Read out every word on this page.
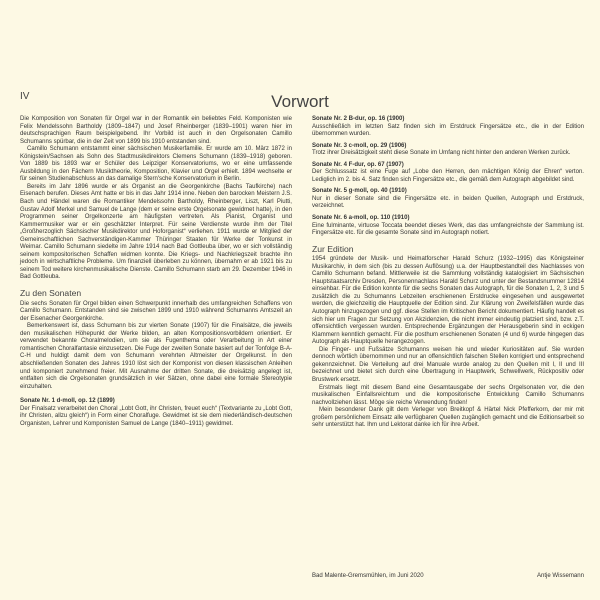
IV	Vorwort

Die Komposition von Sonaten für Orgel war in der Romantik ein beliebtes Feld. Komponisten wie Felix Mendelssohn Bartholdy (1809–1847) und Josef Rheinberger (1839–1901) waren hier im deutschsprachigen Raum beispielgebend. Ihr Vorbild ist auch in den Orgelsonaten Camillo Schumanns spürbar, die in der Zeit von 1899 bis 1910 entstanden sind.

Camillo Schumann entstammt einer sächsischen Musikerfamilie. Er wurde am 10. März 1872 in Königstein/Sachsen als Sohn des Stadtmusikdirektors Clemens Schumann (1839–1918) geboren. Von 1889 bis 1893 war er Schüler des Leipziger Konservatoriums, wo er eine umfassende Ausbildung in den Fächern Musiktheorie, Komposition, Klavier und Orgel erhielt. 1894 wechselte er für seinen Studienabschluss an das damalige Stern'sche Konservatorium in Berlin.

Bereits im Jahr 1896 wurde er als Organist an die Georgenkirche (Bachs Taufkirche) nach Eisenach berufen. Dieses Amt hatte er bis in das Jahr 1914 inne. Neben den barocken Meistern J.S. Bach und Händel waren die Romantiker Mendelssohn Bartholdy, Rheinberger, Liszt, Karl Piutti, Gustav Adolf Merkel und Samuel de Lange (dem er seine erste Orgelsonate gewidmet hatte), in den Programmen seiner Orgelkonzerte am häufigsten vertreten. Als Pianist, Organist und Kammermusiker war er ein geschätzter Interpret. Für seine Verdienste wurde ihm der Titel „Großherzoglich Sächsischer Musikdirektor und Hoforganist“ verliehen. 1911 wurde er Mitglied der Gemeinschaftlichen Sachverständigen-Kammer Thüringer Staaten für Werke der Tonkunst in Weimar. Camillo Schumann siedelte im Jahre 1914 nach Bad Gottleuba über, wo er sich vollständig seinem kompositorischen Schaffen widmen konnte. Die Kriegs- und Nachkriegszeit brachte ihn jedoch in wirtschaftliche Probleme. Um finanziell überleben zu können, übernahm er ab 1921 bis zu seinem Tod weitere kirchenmusikalische Dienste. Camillo Schumann starb am 29. Dezember 1946 in Bad Gottleuba.

Zu den Sonaten

Die sechs Sonaten für Orgel bilden einen Schwerpunkt innerhalb des umfangreichen Schaffens von Camillo Schumann. Entstanden sind sie zwischen 1899 und 1910 während Schumanns Amtszeit an der Eisenacher Georgenkirche.

Bemerkenswert ist, dass Schumann bis zur vierten Sonate (1907) für die Finalsätze, die jeweils den musikalischen Höhepunkt der Werke bilden, an alten Kompositionsvorbildern orientiert. Er verwendet bekannte Choralmelodien, um sie als Fugenthema oder Verarbeitung in Art einer romantischen Choralfantasie einzusetzen. Die Fuge der zweiten Sonate basiert auf der Tonfolge B-A-C-H und huldigt damit dem von Schumann verehrten Altmeister der Orgelkunst. In den abschließenden Sonaten des Jahres 1910 löst sich der Komponist von diesen klassischen Anleihen und komponiert zunehmend freier. Mit Ausnahme der dritten Sonate, die dreisätzig angelegt ist, entfalten sich die Orgelsonaten grundsätzlich in vier Sätzen, ohne dabei eine formale Stereotypie einzuhalten.

Sonate Nr. 1 d-moll, op. 12 (1899)

Der Finalsatz verarbeitet den Choral „Lobt Gott, ihr Christen, freuet euch“ (Textvariante zu „Lobt Gott, ihr Christen, allzu gleich“) in Form einer Choralfuge. Gewidmet ist sie dem niederländisch-deutschen Organisten, Lehrer und Komponisten Samuel de Lange (1840–1911) gewidmet.

Sonate Nr. 2 B-dur, op. 16 (1900)

Ausschließlich im letzten Satz finden sich im Erstdruck Fingersätze etc., die in der Edition übernommen wurden.

Sonate Nr. 3 c-moll, op. 29 (1906)

Trotz ihrer Dreisätzigkeit steht diese Sonate im Umfang nicht hinter den anderen Werken zurück.

Sonate Nr. 4 F-dur, op. 67 (1907)

Der Schlusssatz ist eine Fuge auf „Lobe den Herren, den mächtigen König der Ehren“ verton. Lediglich im 2. bis 4. Satz finden sich Fingersätze etc., die gemäß dem Autograph abgebildet sind.

Sonate Nr. 5 g-moll, op. 40 (1910)

Nur in dieser Sonate sind die Fingersätze etc. in beiden Quellen, Autograph und Erstdruck, verzeichnet.

Sonate Nr. 6 a-moll, op. 110 (1910)

Eine fulminante, virtuose Toccata beendet dieses Werk, das das umfangreichste der Sammlung ist. Fingersätze etc. für die gesamte Sonate sind im Autograph notiert.

Zur Edition

1954 gründete der Musik- und Heimatforscher Harald Schurz (1932–1995) das Königsteiner Musikarchiv, in dem sich (bis zu dessen Auflösung) u.a. der Hauptbestandteil des Nachlasses von Camillo Schumann befand. Mittlerweile ist die Sammlung vollständig katalogisiert im Sächsischen Hauptstaatsarchiv Dresden, Personennachlass Harald Schurz und unter der Bestandsnummer 12814 einsehbar. Für die Edition konnte für die sechs Sonaten das Autograph, für die Sonaten 1, 2, 3 und 5 zusätzlich die zu Schumanns Lebzeiten erschienenen Erstdrucke eingesehen und ausgewertet werden, die gleichzeitig die Hauptquelle der Edition sind. Zur Klärung von Zweifelsfällen wurde das Autograph hinzugezogen und ggf. diese Stellen im Kritischen Bericht dokumentiert. Häufig handelt es sich hier um Fragen zur Setzung von Akzidenzien, die nicht immer eindeutig platziert sind, bzw. z.T. offensichtlich vergessen wurden. Entsprechende Ergänzungen der Herausgeberin sind in eckigen Klammern kenntlich gemacht. Für die posthum erschienenen Sonaten (4 und 6) wurde hingegen das Autograph als Hauptquelle herangezogen.

Die Finger- und Fußsätze Schumanns weisen hie und wieder Kuriositäten auf. Sie wurden dennoch wörtlich übernommen und nur an offensichtlich falschen Stellen korrigiert und entsprechend gekennzeichnet. Die Verteilung auf drei Manuale wurde analog zu den Quellen mit I, II und III bezeichnet und bietet sich durch eine Übertragung in Hauptwerk, Schwellwerk, Rückpositiv oder Brustwerk ersetzt.

Erstmals liegt mit diesem Band eine Gesamtausgabe der sechs Orgelsonaten vor, die den musikalischen Einfallsreichtum und die kompositorische Entwicklung Camillo Schumanns nachvollziehen lässt. Möge sie reiche Verwendung finden!

Mein besonderer Dank gilt dem Verleger von Breitkopf & Härtel Nick Pfefferkorn, der mir mit großem persönlichem Einsatz alle verfügbaren Quellen zugänglich gemacht und die Editionsarbeit so sehr unterstützt hat. Ihm und Lektorat danke ich für ihre Arbeit.

Bad Malente-Gremsmühlen, im Juni 2020	Antje Wissemann
